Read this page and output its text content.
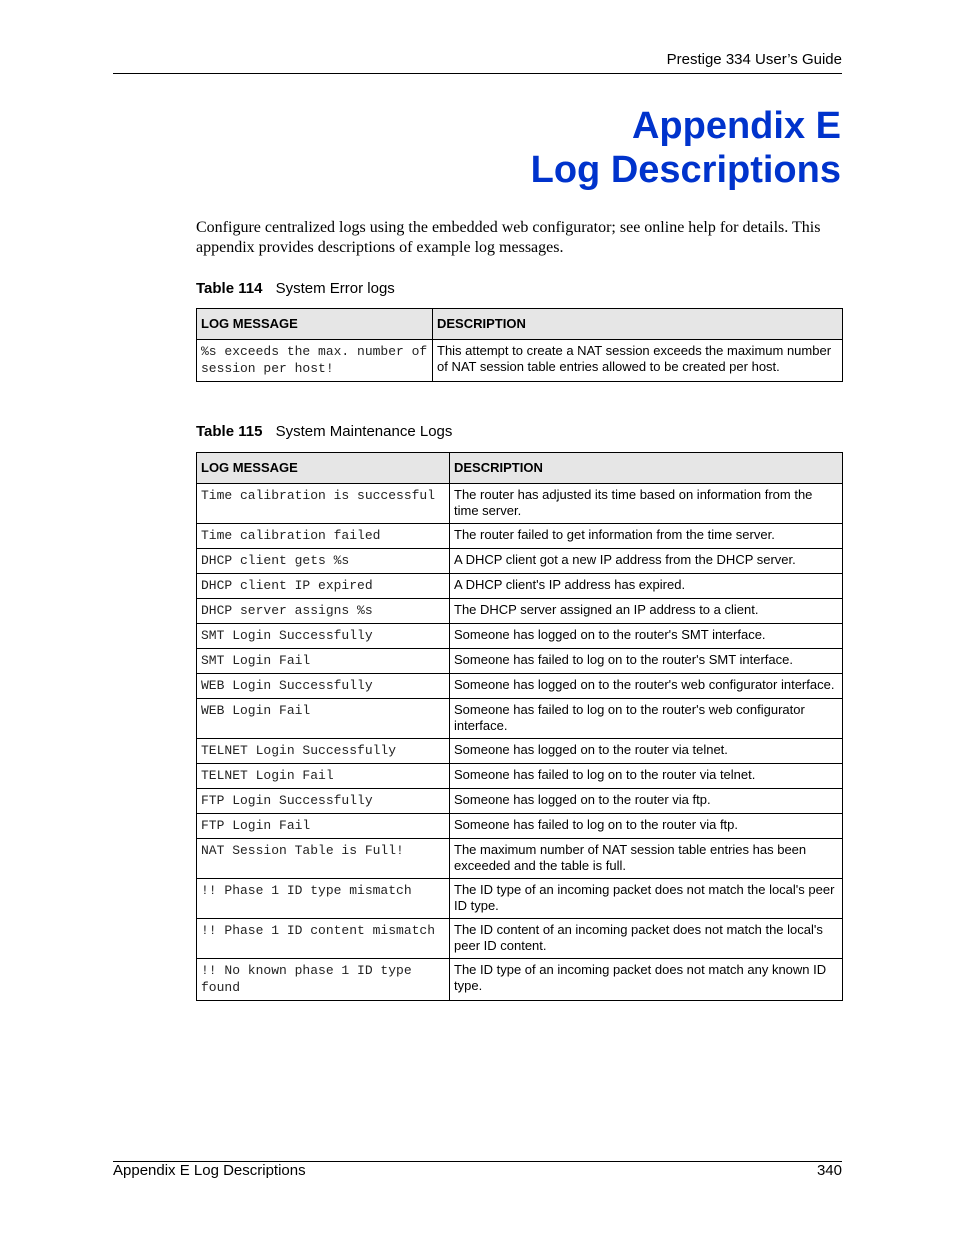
Prestige 334 User’s Guide
Appendix E
Log Descriptions
Configure centralized logs using the embedded web configurator; see online help for details. This appendix provides descriptions of example log messages.
Table 114 System Error logs
LOG MESSAGE	DESCRIPTION
%s exceeds the max. number of session per host!	This attempt to create a NAT session exceeds the maximum number of NAT session table entries allowed to be created per host.
Table 115 System Maintenance Logs
LOG MESSAGE	DESCRIPTION
Time calibration is successful	The router has adjusted its time based on information from the time server.
Time calibration failed	The router failed to get information from the time server.
DHCP client gets %s	A DHCP client got a new IP address from the DHCP server.
DHCP client IP expired	A DHCP client's IP address has expired.
DHCP server assigns %s	The DHCP server assigned an IP address to a client.
SMT Login Successfully	Someone has logged on to the router's SMT interface.
SMT Login Fail	Someone has failed to log on to the router's SMT interface.
WEB Login Successfully	Someone has logged on to the router's web configurator interface.
WEB Login Fail	Someone has failed to log on to the router's web configurator interface.
TELNET Login Successfully	Someone has logged on to the router via telnet.
TELNET Login Fail	Someone has failed to log on to the router via telnet.
FTP Login Successfully	Someone has logged on to the router via ftp.
FTP Login Fail	Someone has failed to log on to the router via ftp.
NAT Session Table is Full!	The maximum number of NAT session table entries has been exceeded and the table is full.
!! Phase 1 ID type mismatch	The ID type of an incoming packet does not match the local's peer ID type.
!! Phase 1 ID content mismatch	The ID content of an incoming packet does not match the local's peer ID content.
!! No known phase 1 ID type found	The ID type of an incoming packet does not match any known ID type.
Appendix E Log Descriptions	340
